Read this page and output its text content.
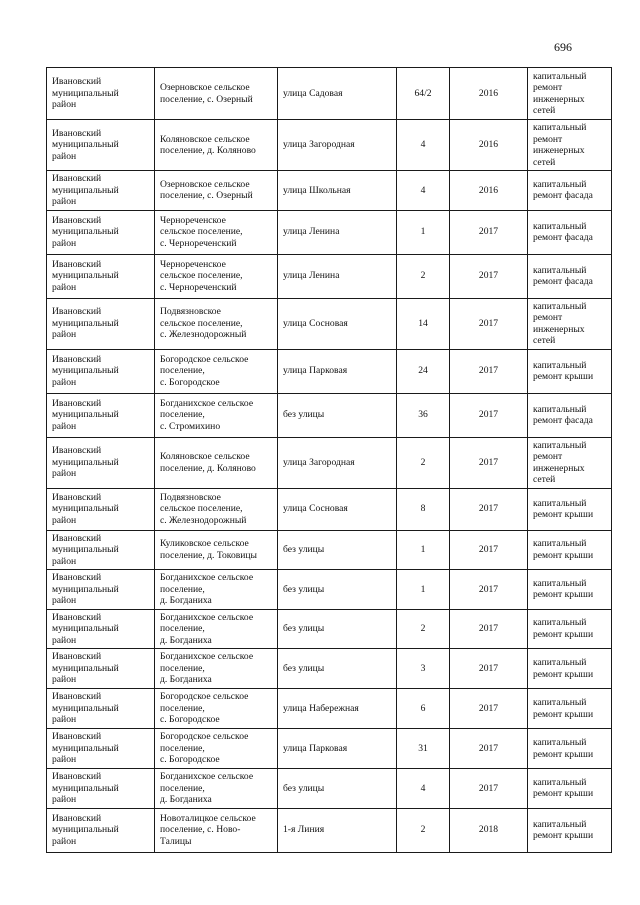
696
Ивановский
муниципальный
район	Озерновское сельское
поселение, с. Озерный	улица Садовая	64/2	2016	капитальный
ремонт
инженерных
сетей

Ивановский
муниципальный
район	Коляновское сельское
поселение, д. Коляново	улица Загородная	4	2016	капитальный
ремонт
инженерных
сетей

Ивановский
муниципальный
район	Озерновское сельское
поселение, с. Озерный	улица Школьная	4	2016	капитальный
ремонт фасада

Ивановский
муниципальный
район	Чернореченское
сельское поселение,
с. Чернореченский	улица Ленина	1	2017	капитальный
ремонт фасада

Ивановский
муниципальный
район	Чернореченское
сельское поселение,
с. Чернореченский	улица Ленина	2	2017	капитальный
ремонт фасада

Ивановский
муниципальный
район	Подвязновское
сельское поселение,
с. Железнодорожный	улица Сосновая	14	2017	капитальный
ремонт
инженерных
сетей

Ивановский
муниципальный
район	Богородское сельское
поселение,
с. Богородское	улица Парковая	24	2017	капитальный
ремонт крыши

Ивановский
муниципальный
район	Богданихское сельское
поселение,
с. Стромихино	без улицы	36	2017	капитальный
ремонт фасада

Ивановский
муниципальный
район	Коляновское сельское
поселение, д. Коляново	улица Загородная	2	2017	капитальный
ремонт
инженерных
сетей

Ивановский
муниципальный
район	Подвязновское
сельское поселение,
с. Железнодорожный	улица Сосновая	8	2017	капитальный
ремонт крыши

Ивановский
муниципальный
район	Куликовское сельское
поселение, д. Токовицы	без улицы	1	2017	капитальный
ремонт крыши

Ивановский
муниципальный
район	Богданихское сельское
поселение,
д. Богданиха	без улицы	1	2017	капитальный
ремонт крыши

Ивановский
муниципальный
район	Богданихское сельское
поселение,
д. Богданиха	без улицы	2	2017	капитальный
ремонт крыши

Ивановский
муниципальный
район	Богданихское сельское
поселение,
д. Богданиха	без улицы	3	2017	капитальный
ремонт крыши

Ивановский
муниципальный
район	Богородское сельское
поселение,
с. Богородское	улица Набережная	6	2017	капитальный
ремонт крыши

Ивановский
муниципальный
район	Богородское сельское
поселение,
с. Богородское	улица Парковая	31	2017	капитальный
ремонт крыши

Ивановский
муниципальный
район	Богданихское сельское
поселение,
д. Богданиха	без улицы	4	2017	капитальный
ремонт крыши

Ивановский
муниципальный
район	Новоталицкое сельское
поселение, с. Ново-
Талицы	1-я Линия	2	2018	капитальный
ремонт крыши
